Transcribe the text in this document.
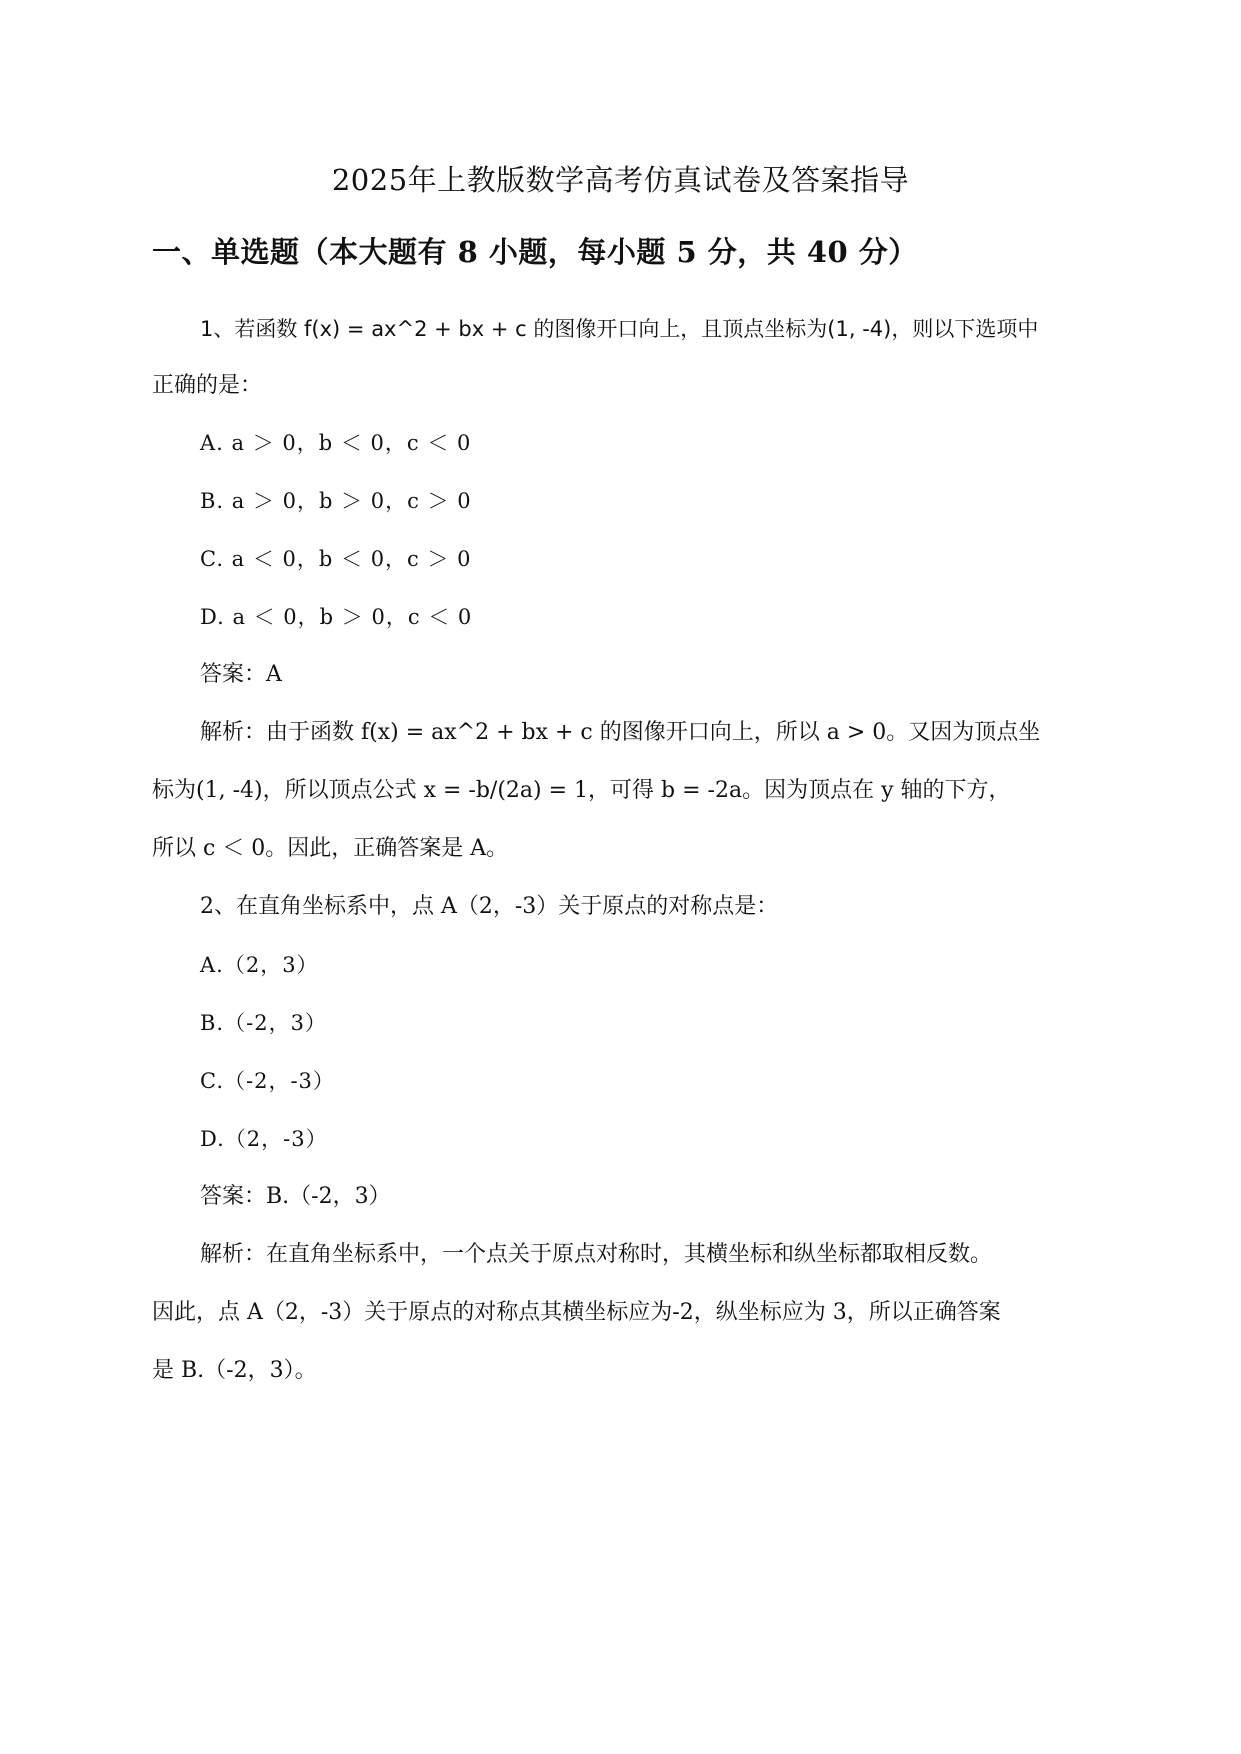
2025年上教版数学高考仿真试卷及答案指导
一、单选题（本大题有 8 小题，每小题 5 分，共 40 分）
1、若函数 f(x) = ax^2 + bx + c 的图像开口向上，且顶点坐标为(1, -4)，则以下选项中
正确的是：
A. a ＞ 0，b ＜ 0，c ＜ 0
B. a ＞ 0，b ＞ 0，c ＞ 0
C. a ＜ 0，b ＜ 0，c ＞ 0
D. a ＜ 0，b ＞ 0，c ＜ 0
答案：A
解析：由于函数 f(x) = ax^2 + bx + c 的图像开口向上，所以 a > 0。又因为顶点坐
标为(1, -4)，所以顶点公式 x = -b/(2a) = 1，可得 b = -2a。因为顶点在 y 轴的下方，
所以 c ＜ 0。因此，正确答案是 A。
2、在直角坐标系中，点 A（2，-3）关于原点的对称点是：
A.（2，3）
B.（-2，3）
C.（-2，-3）
D.（2，-3）
答案：B.（-2，3）
解析：在直角坐标系中，一个点关于原点对称时，其横坐标和纵坐标都取相反数。
因此，点 A（2，-3）关于原点的对称点其横坐标应为-2，纵坐标应为 3，所以正确答案
是 B.（-2，3）。
